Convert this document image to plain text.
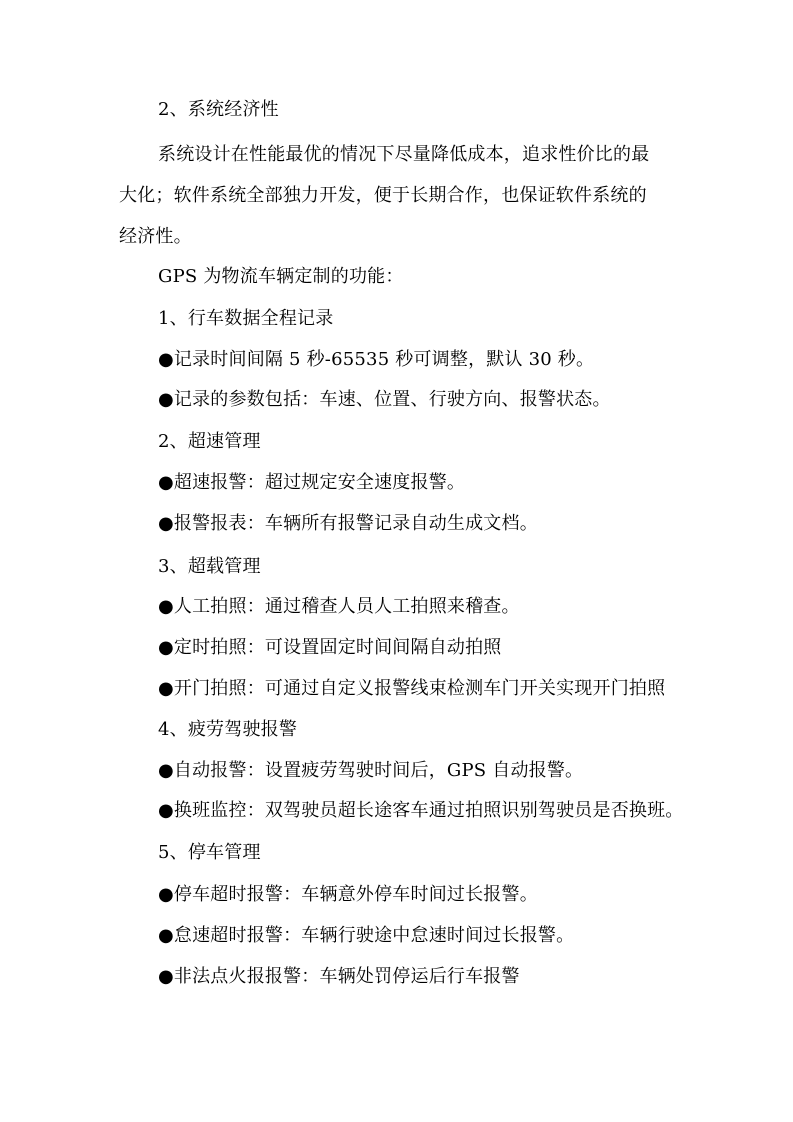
2、系统经济性
系统设计在性能最优的情况下尽量降低成本，追求性价比的最
大化；软件系统全部独力开发，便于长期合作，也保证软件系统的
经济性。
GPS 为物流车辆定制的功能：
1、行车数据全程记录
●记录时间间隔 5 秒-65535 秒可调整，默认 30 秒。
●记录的参数包括：车速、位置、行驶方向、报警状态。
2、超速管理
●超速报警：超过规定安全速度报警。
●报警报表：车辆所有报警记录自动生成文档。
3、超载管理
●人工拍照：通过稽查人员人工拍照来稽查。
●定时拍照：可设置固定时间间隔自动拍照
●开门拍照：可通过自定义报警线束检测车门开关实现开门拍照
4、疲劳驾驶报警
●自动报警：设置疲劳驾驶时间后，GPS 自动报警。
●换班监控：双驾驶员超长途客车通过拍照识别驾驶员是否换班。
5、停车管理
●停车超时报警：车辆意外停车时间过长报警。
●怠速超时报警：车辆行驶途中怠速时间过长报警。
●非法点火报报警：车辆处罚停运后行车报警
